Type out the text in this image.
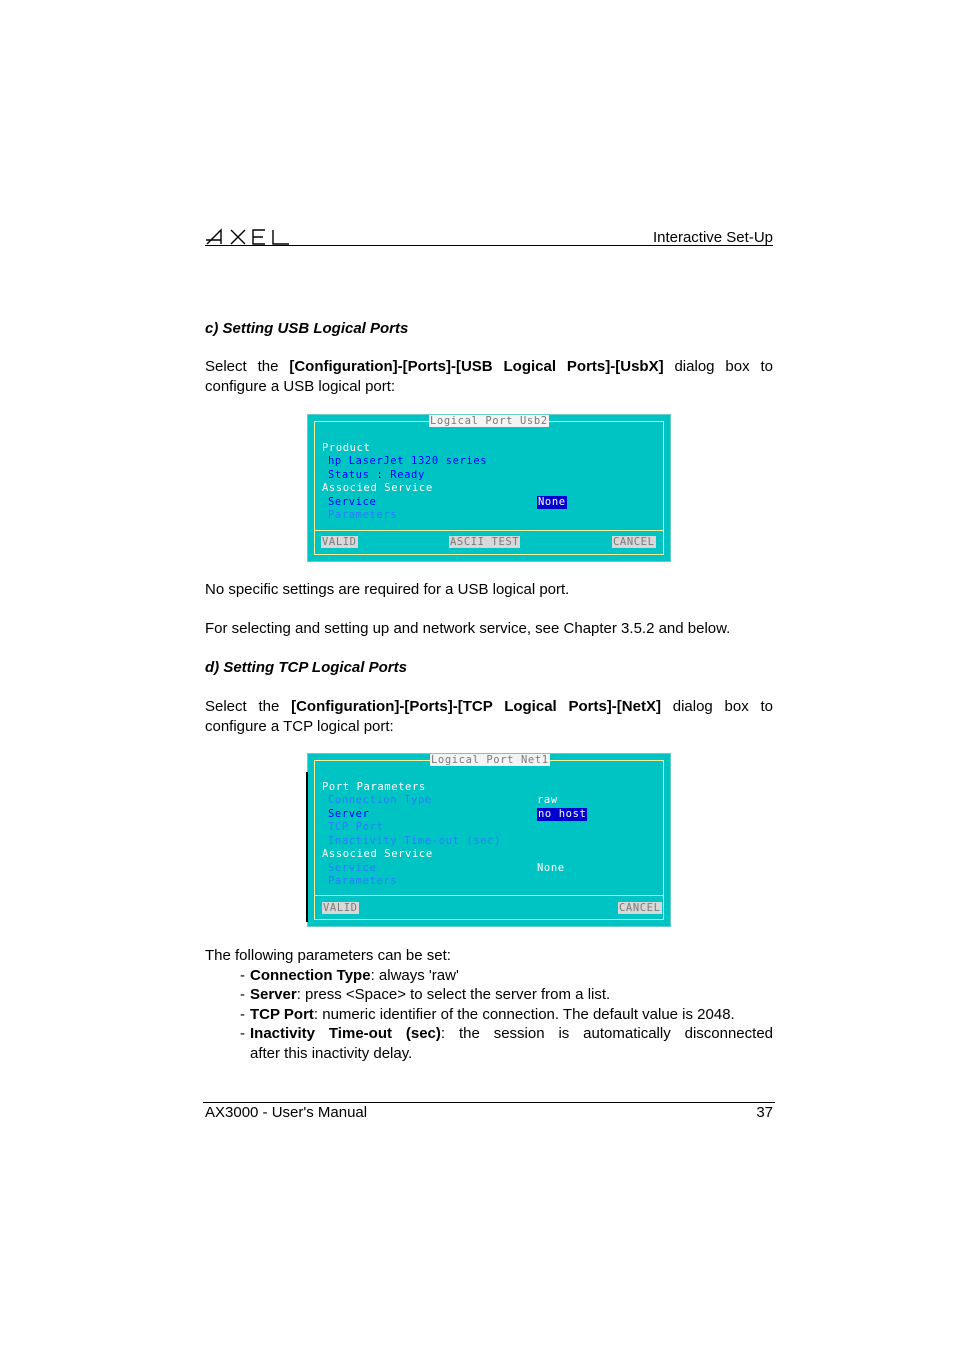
Interactive Set-Up
c) Setting USB Logical Ports
Select the [Configuration]-[Ports]-[USB Logical Ports]-[UsbX] dialog box to
configure a USB logical port:
Logical Port Usb2
Product
hp LaserJet 1320 series
Status : Ready
Associed Service
Service	None
Parameters
VALID	ASCII TEST	CANCEL
No specific settings are required for a USB logical port.
For selecting and setting up and network service, see Chapter 3.5.2 and below.
d) Setting TCP Logical Ports
Select the [Configuration]-[Ports]-[TCP Logical Ports]-[NetX] dialog box to
configure a TCP logical port:
Logical Port Net1
Port Parameters
Connection Type	raw
Server	no host
TCP Port
Inactivity Time-out (sec)
Associed Service
Service	None
Parameters
VALID	CANCEL
The following parameters can be set:
- Connection Type: always 'raw'
- Server: press <Space> to select the server from a list.
- TCP Port: numeric identifier of the connection. The default value is 2048.
- Inactivity Time-out (sec): the session is automatically disconnected
after this inactivity delay.
AX3000 - User's Manual	37
